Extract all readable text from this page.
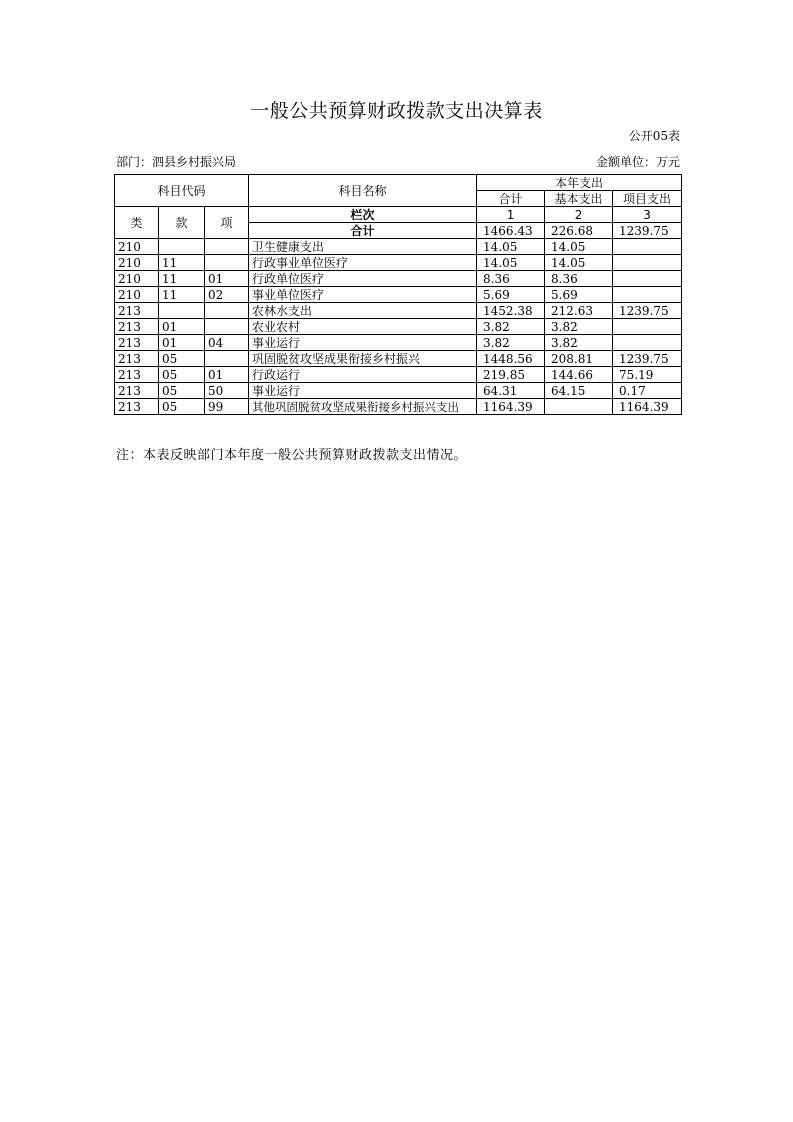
一般公共预算财政拨款支出决算表
公开05表
部门：泗县乡村振兴局	金额单位：万元
科目代码			科目名称	本年支出		
				合计	基本支出	项目支出
类	款	项	栏次	1	2	3
			合计	1466.43	226.68	1239.75
210			卫生健康支出	14.05	14.05	
210	11		行政事业单位医疗	14.05	14.05	
210	11	01	行政单位医疗	8.36	8.36	
210	11	02	事业单位医疗	5.69	5.69	
213			农林水支出	1452.38	212.63	1239.75
213	01		农业农村	3.82	3.82	
213	01	04	事业运行	3.82	3.82	
213	05		巩固脱贫攻坚成果衔接乡村振兴	1448.56	208.81	1239.75
213	05	01	行政运行	219.85	144.66	75.19
213	05	50	事业运行	64.31	64.15	0.17
213	05	99	其他巩固脱贫攻坚成果衔接乡村振兴支出	1164.39		1164.39
注：本表反映部门本年度一般公共预算财政拨款支出情况。
